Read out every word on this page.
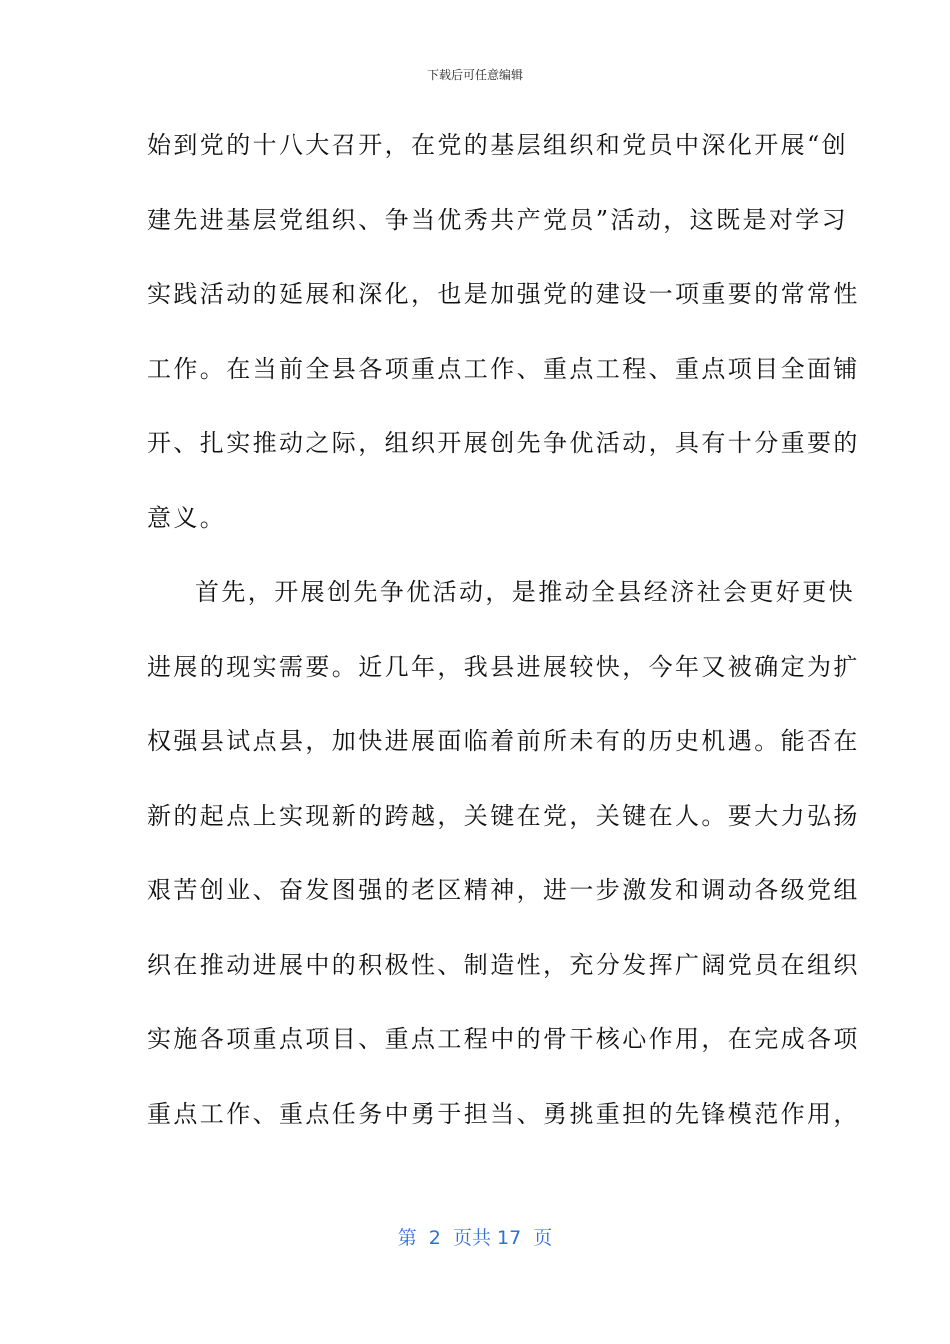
下载后可任意编辑
始到党的十八大召开，在党的基层组织和党员中深化开展“创
建先进基层党组织、争当优秀共产党员”活动，这既是对学习
实践活动的延展和深化，也是加强党的建设一项重要的常常性
工作。在当前全县各项重点工作、重点工程、重点项目全面铺
开、扎实推动之际，组织开展创先争优活动，具有十分重要的
意义。
首先，开展创先争优活动，是推动全县经济社会更好更快
进展的现实需要。近几年，我县进展较快，今年又被确定为扩
权强县试点县，加快进展面临着前所未有的历史机遇。能否在
新的起点上实现新的跨越，关键在党，关键在人。要大力弘扬
艰苦创业、奋发图强的老区精神，进一步激发和调动各级党组
织在推动进展中的积极性、制造性，充分发挥广阔党员在组织
实施各项重点项目、重点工程中的骨干核心作用，在完成各项
重点工作、重点任务中勇于担当、勇挑重担的先锋模范作用，
第  2  页共 17  页
